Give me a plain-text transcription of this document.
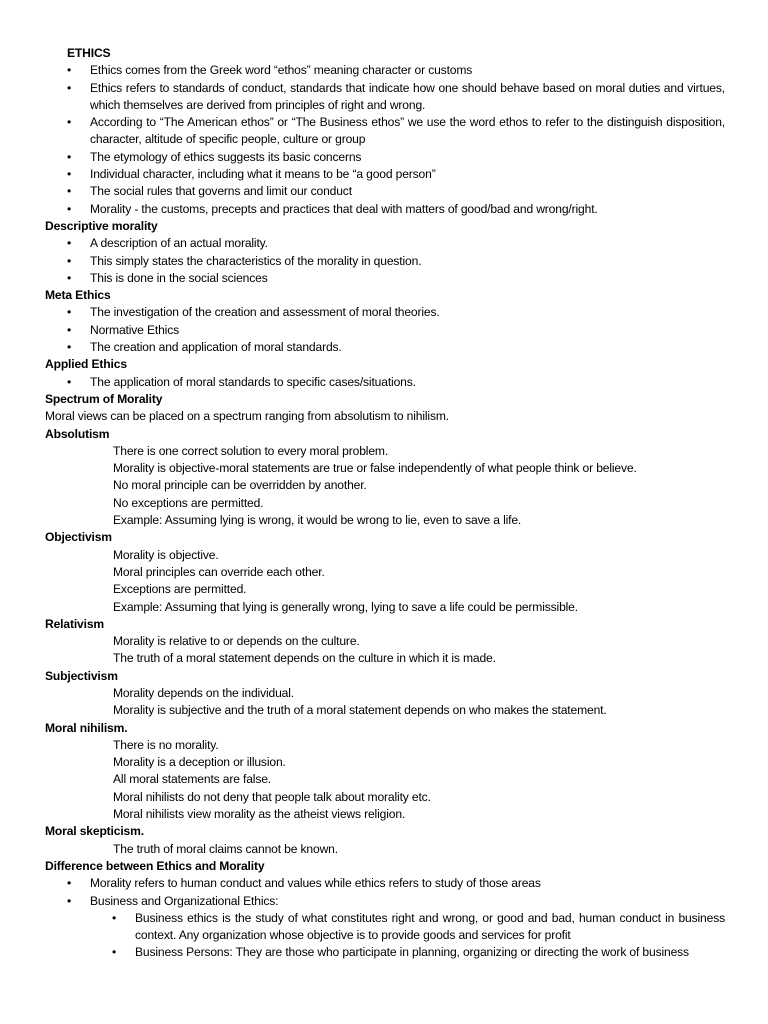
ETHICS
• Ethics comes from the Greek word “ethos” meaning character or customs
• Ethics refers to standards of conduct, standards that indicate how one should behave based on moral duties and virtues, which themselves are derived from principles of right and wrong.
• According to “The American ethos” or “The Business ethos” we use the word ethos to refer to the distinguish disposition, character, altitude of specific people, culture or group
• The etymology of ethics suggests its basic concerns
• Individual character, including what it means to be “a good person”
• The social rules that governs and limit our conduct
• Morality - the customs, precepts and practices that deal with matters of good/bad and wrong/right.
Descriptive morality
• A description of an actual morality.
• This simply states the characteristics of the morality in question.
• This is done in the social sciences
Meta Ethics
• The investigation of the creation and assessment of moral theories.
• Normative Ethics
• The creation and application of moral standards.
Applied Ethics
• The application of moral standards to specific cases/situations.
Spectrum of Morality
Moral views can be placed on a spectrum ranging from absolutism to nihilism.
Absolutism
There is one correct solution to every moral problem.
Morality is objective-moral statements are true or false independently of what people think or believe.
No moral principle can be overridden by another.
No exceptions are permitted.
Example: Assuming lying is wrong, it would be wrong to lie, even to save a life.
Objectivism
Morality is objective.
Moral principles can override each other.
Exceptions are permitted.
Example: Assuming that lying is generally wrong, lying to save a life could be permissible.
Relativism
Morality is relative to or depends on the culture.
The truth of a moral statement depends on the culture in which it is made.
Subjectivism
Morality depends on the individual.
Morality is subjective and the truth of a moral statement depends on who makes the statement.
Moral nihilism.
There is no morality.
Morality is a deception or illusion.
All moral statements are false.
Moral nihilists do not deny that people talk about morality etc.
Moral nihilists view morality as the atheist views religion.
Moral skepticism.
The truth of moral claims cannot be known.
Difference between Ethics and Morality
• Morality refers to human conduct and values while ethics refers to study of those areas
• Business and Organizational Ethics:
• Business ethics is the study of what constitutes right and wrong, or good and bad, human conduct in business context. Any organization whose objective is to provide goods and services for profit
• Business Persons: They are those who participate in planning, organizing or directing the work of business
